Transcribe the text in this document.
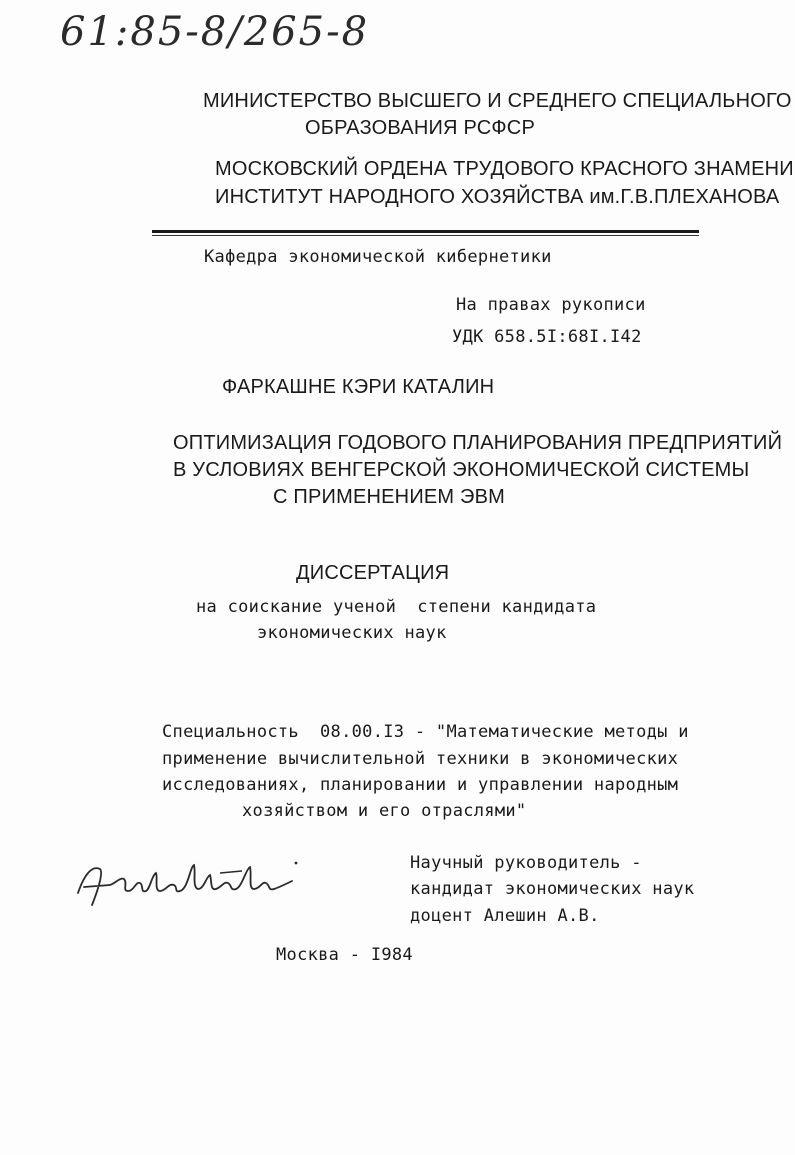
61:85-8/265-8
МИНИСТЕРСТВО ВЫСШЕГО И СРЕДНЕГО СПЕЦИАЛЬНОГО
ОБРАЗОВАНИЯ РСФСР
МОСКОВСКИЙ ОРДЕНА ТРУДОВОГО КРАСНОГО ЗНАМЕНИ
ИНСТИТУТ НАРОДНОГО ХОЗЯЙСТВА им.Г.В.ПЛЕХАНОВА
Кафедра экономической кибернетики
На правах рукописи
УДК 658.5I:68I.I42
ФАРКАШНЕ КЭРИ КАТАЛИН
ОПТИМИЗАЦИЯ ГОДОВОГО ПЛАНИРОВАНИЯ ПРЕДПРИЯТИЙ
В УСЛОВИЯХ ВЕНГЕРСКОЙ ЭКОНОМИЧЕСКОЙ СИСТЕМЫ
С ПРИМЕНЕНИЕМ ЭВМ
ДИССЕРТАЦИЯ
на соискание ученой  степени кандидата
экономических наук
Специальность  08.00.I3 - "Математические методы и
применение вычислительной техники в экономических
исследованиях, планировании и управлении народным
хозяйством и его отраслями"
Научный руководитель -
кандидат экономических наук
доцент Алешин А.В.
Москва - I984
